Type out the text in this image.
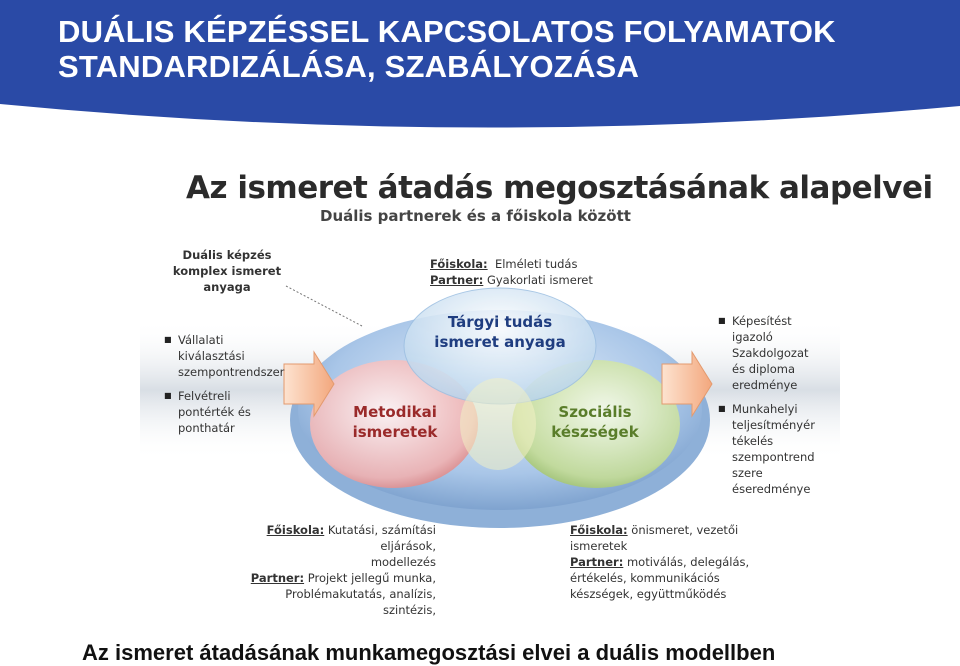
DUÁLIS KÉPZÉSSEL KAPCSOLATOS FOLYAMATOK
STANDARDIZÁLÁSA, SZABÁLYOZÁSA
Az ismeret átadás megosztásának alapelvei
Duális partnerek és a főiskola között
Tárgyi tudás
ismeret anyaga
Metodikai
ismeretek
Szociális
készségek
Duális képzés
komplex ismeret
anyaga
Főiskola: Elméleti tudás
Partner: Gyakorlati ismeret
■ Vállalati
kiválasztási
szempontrendszer
■ Felvétreli
pontérték és
ponthatár
■ Képesítést
igazoló
Szakdolgozat
és diploma
eredménye
■ Munkahelyi
teljesítményér
tékelés
szempontrend
szere
éseredménye
Főiskola: Kutatási, számítási eljárások,
modellezés
Partner: Projekt jellegű munka,
Problémakutatás, analízis,
szintézis,
Főiskola: önismeret, vezetői
ismeretek
Partner: motiválás, delegálás,
értékelés, kommunikációs
készségek, együttműködés
Az ismeret átadásának munkamegosztási elvei a duális modellben
